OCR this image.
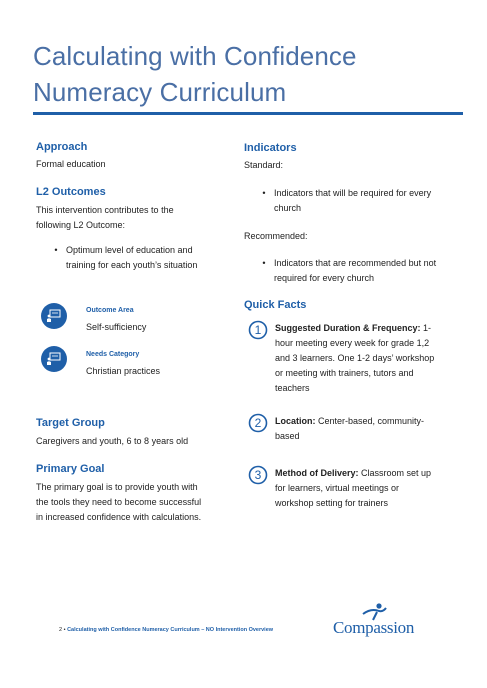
Calculating with Confidence
Numeracy Curriculum
Approach
Formal education
L2 Outcomes
This intervention contributes to the
following L2 Outcome:
•
Optimum level of education and
training for each youth’s situation
Outcome Area
Self-sufficiency
Needs Category
Christian practices
Target Group
Caregivers and youth, 6 to 8 years old
Primary Goal
The primary goal is to provide youth with
the tools they need to become successful
in increased confidence with calculations.
Indicators
Standard:
•
Indicators that will be required for every
church
Recommended:
•
Indicators that are recommended but not
required for every church
Quick Facts
1	Suggested Duration & Frequency: 1-
hour meeting every week for grade 1,2
and 3 learners. One 1-2 days’ workshop
or meeting with trainers, tutors and
teachers
2	Location: Center-based, community-
based
3	Method of Delivery: Classroom set up
for learners, virtual meetings or
workshop setting for trainers
2 • Calculating with Confidence Numeracy Curriculum – NO Intervention Overview	Compassion
